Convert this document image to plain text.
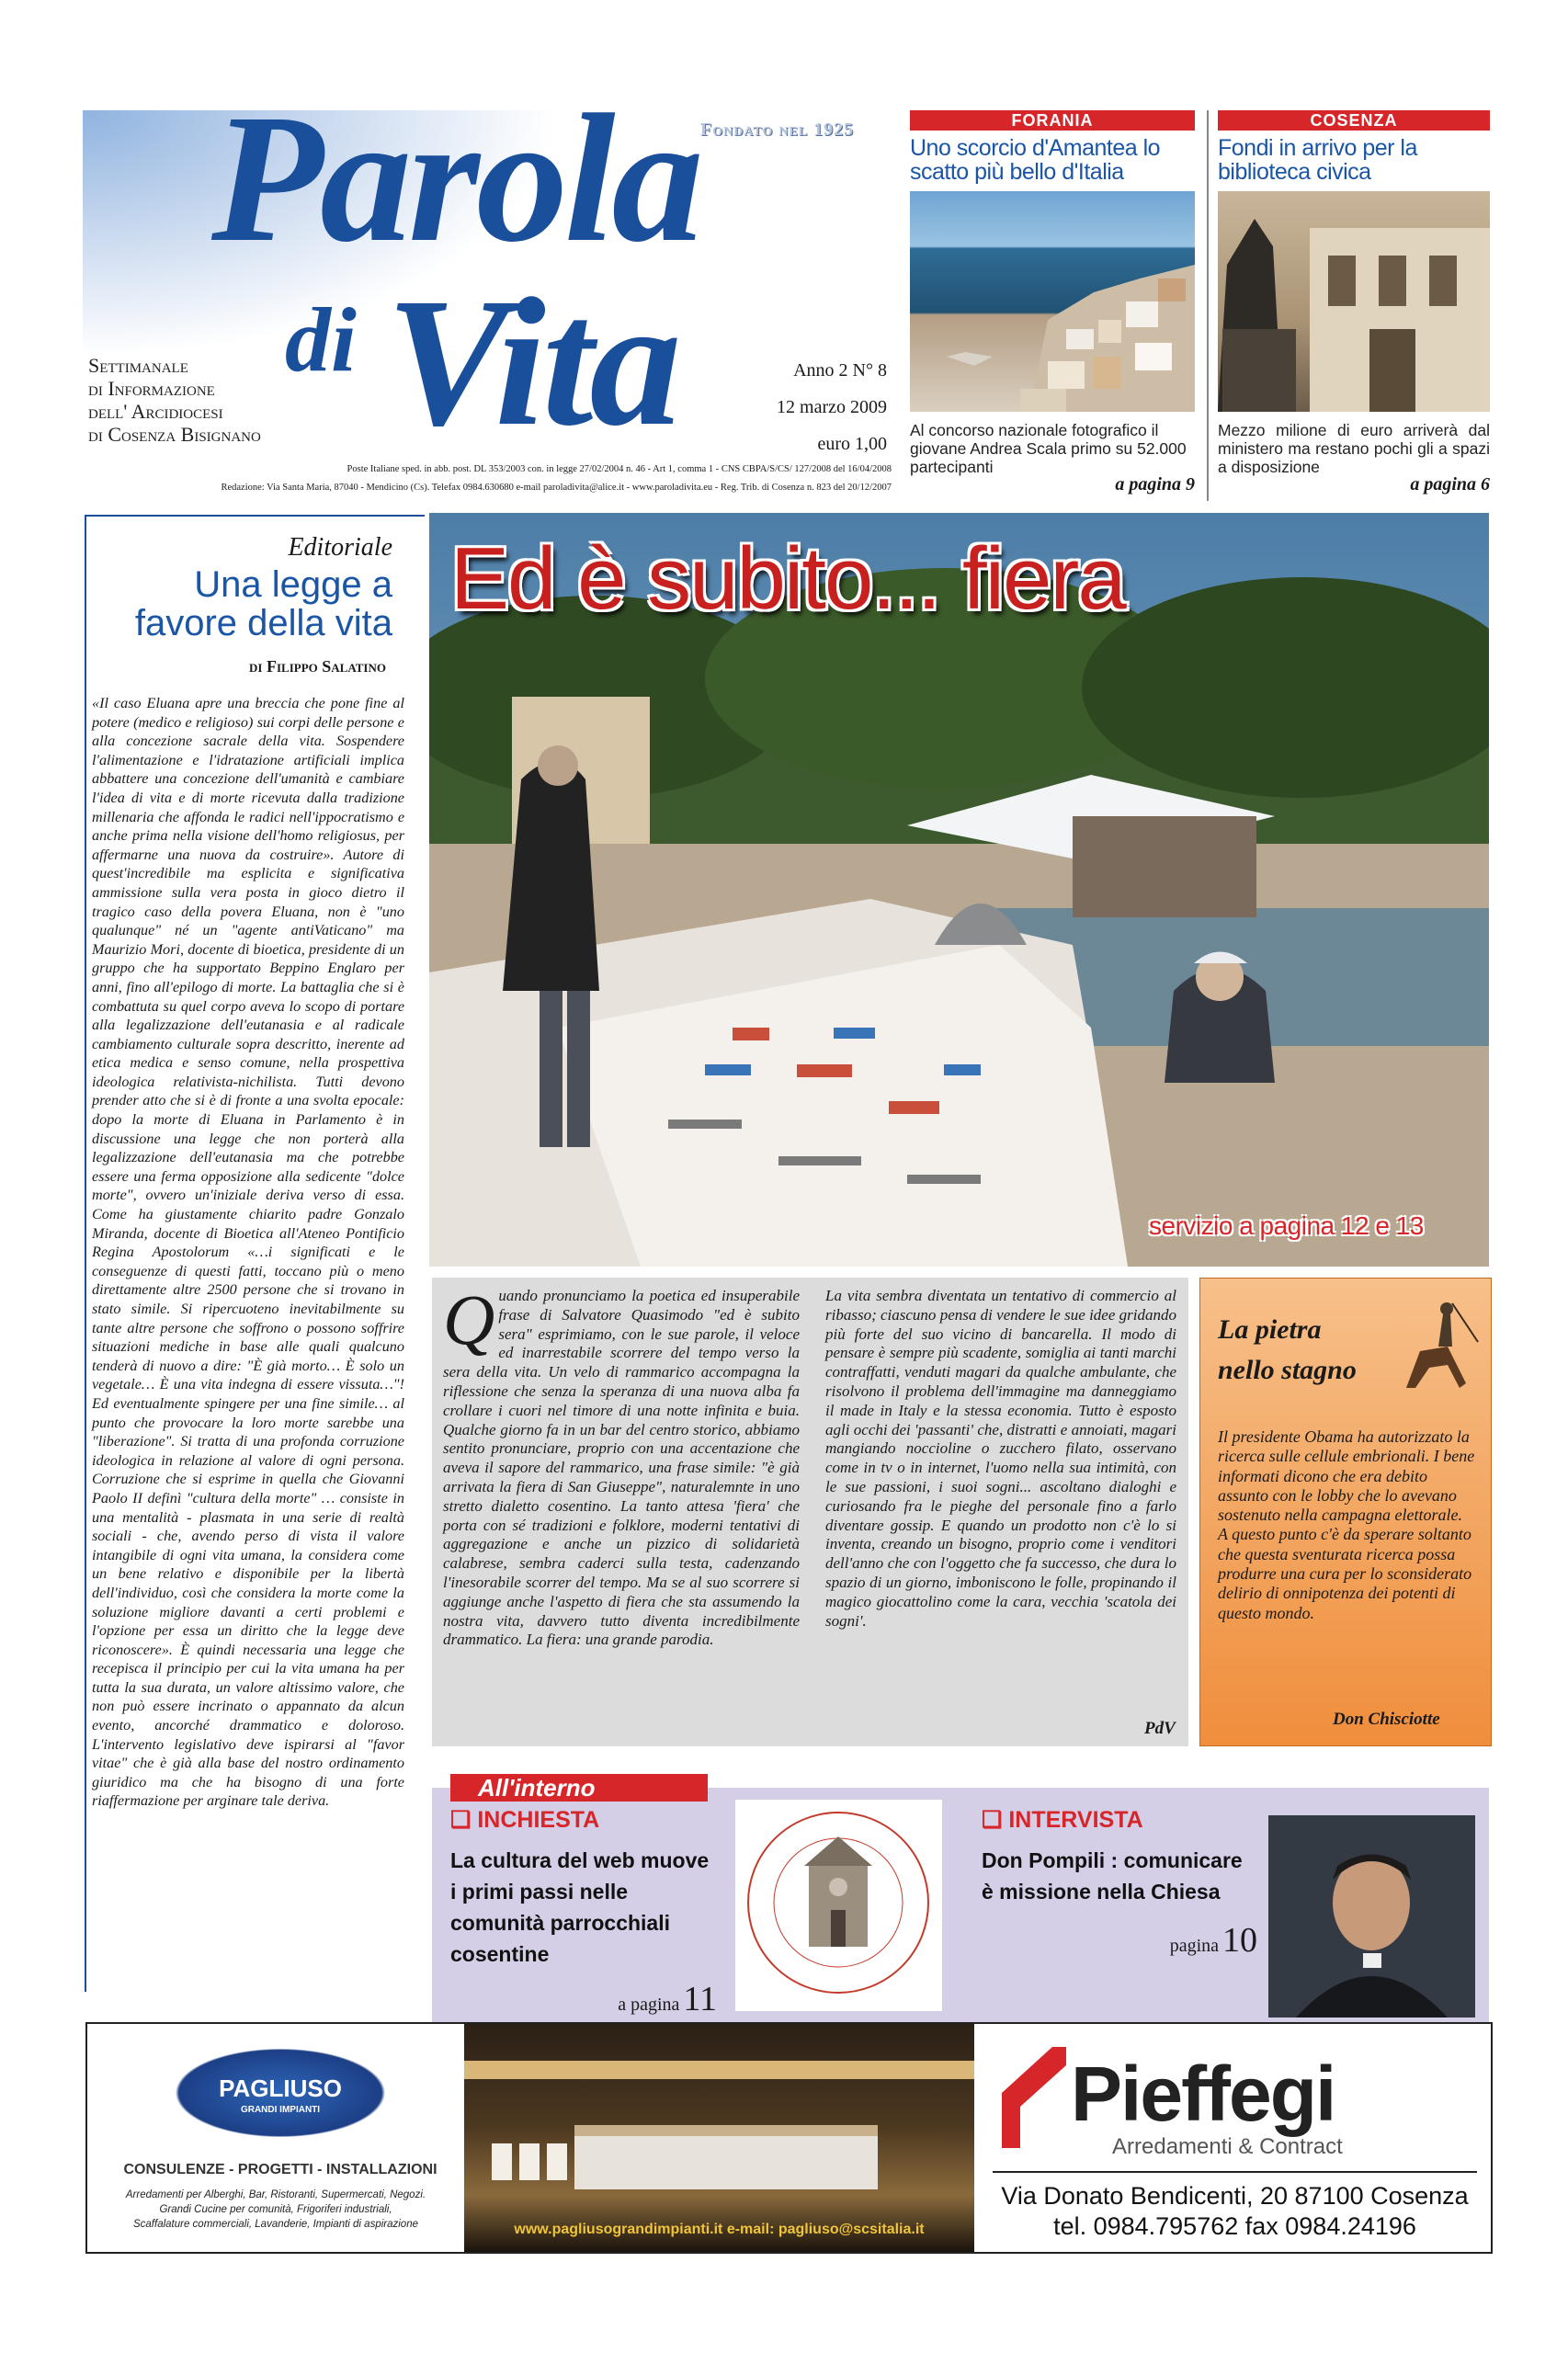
Parola
di Vita
Fondato nel 1925
Settimanale
di Informazione
dell' Arcidiocesi
di Cosenza Bisignano
Anno 2 N° 8
12 marzo 2009
euro 1,00
Poste Italiane sped. in abb. post. DL 353/2003 con. in legge 27/02/2004 n. 46 - Art 1, comma 1 - CNS CBPA/S/CS/ 127/2008 del 16/04/2008
Redazione: Via Santa Maria, 87040 - Mendicino (Cs). Telefax 0984.630680 e-mail paroladivita@alice.it - www.paroladivita.eu - Reg. Trib. di Cosenza n. 823 del 20/12/2007
FORANIA
Uno scorcio d'Amantea lo scatto più bello d'Italia
Al concorso nazionale fotografico il giovane Andrea Scala primo su 52.000 partecipanti
a pagina 9
COSENZA
Fondi in arrivo per la biblioteca civica
Mezzo milione di euro arriverà dal ministero ma restano pochi gli a spazi a disposizione
a pagina 6
Editoriale
Una legge a favore della vita
di Filippo Salatino
«Il caso Eluana apre una breccia che pone fine al potere (medico e religioso) sui corpi delle persone e alla concezione sacrale della vita. Sospendere l'alimentazione e l'idratazione artificiali implica abbattere una concezione dell'umanità e cambiare l'idea di vita e di morte ricevuta dalla tradizione millenaria che affonda le radici nell'ippocratismo e anche prima nella visione dell'homo religiosus, per affermarne una nuova da costruire». Autore di quest'incredibile ma esplicita e significativa ammissione sulla vera posta in gioco dietro il tragico caso della povera Eluana, non è "uno qualunque" né un "agente antiVaticano" ma Maurizio Mori, docente di bioetica, presidente di un gruppo che ha supportato Beppino Englaro per anni, fino all'epilogo di morte. La battaglia che si è combattuta su quel corpo aveva lo scopo di portare alla legalizzazione dell'eutanasia e al radicale cambiamento culturale sopra descritto, inerente ad etica medica e senso comune, nella prospettiva ideologica relativista-nichilista. Tutti devono prender atto che si è di fronte a una svolta epocale: dopo la morte di Eluana in Parlamento è in discussione una legge che non porterà alla legalizzazione dell'eutanasia ma che potrebbe essere una ferma opposizione alla sedicente "dolce morte", ovvero un'iniziale deriva verso di essa. Come ha giustamente chiarito padre Gonzalo Miranda, docente di Bioetica all'Ateneo Pontificio Regina Apostolorum «…i significati e le conseguenze di questi fatti, toccano più o meno direttamente altre 2500 persone che si trovano in stato simile. Si ripercuoteno inevitabilmente su tante altre persone che soffrono o possono soffrire situazioni mediche in base alle quali qualcuno tenderà di nuovo a dire: "È già morto… È solo un vegetale… È una vita indegna di essere vissuta…"! Ed eventualmente spingere per una fine simile… al punto che provocare la loro morte sarebbe una "liberazione". Si tratta di una profonda corruzione ideologica in relazione al valore di ogni persona. Corruzione che si esprime in quella che Giovanni Paolo II definì "cultura della morte" … consiste in una mentalità - plasmata in una serie di realtà sociali - che, avendo perso di vista il valore intangibile di ogni vita umana, la considera come un bene relativo e disponibile per la libertà dell'individuo, così che considera la morte come la soluzione migliore davanti a certi problemi e l'opzione per essa un diritto che la legge deve riconoscere». È quindi necessaria una legge che recepisca il principio per cui la vita umana ha per tutta la sua durata, un valore altissimo valore, che non può essere incrinato o appannato da alcun evento, ancorché drammatico e doloroso. L'intervento legislativo deve ispirarsi al "favor vitae" che è già alla base del nostro ordinamento giuridico ma che ha bisogno di una forte riaffermazione per arginare tale deriva.
Ed è subito... fiera
servizio a pagina 12 e 13
Quando pronunciamo la poetica ed insuperabile frase di Salvatore Quasimodo "ed è subito sera" esprimiamo, con le sue parole, il veloce ed inarrestabile scorrere del tempo verso la sera della vita. Un velo di rammarico accompagna la riflessione che senza la speranza di una nuova alba fa crollare i cuori nel timore di una notte infinita e buia. Qualche giorno fa in un bar del centro storico, abbiamo sentito pronunciare, proprio con una accentazione che aveva il sapore del rammarico, una frase simile: "è già arrivata la fiera di San Giuseppe", naturalemnte in uno stretto dialetto cosentino. La tanto attesa 'fiera' che porta con sé tradizioni e folklore, moderni tentativi di aggregazione e anche un pizzico di solidarietà calabrese, sembra caderci sulla testa, cadenzando l'inesorabile scorrer del tempo. Ma se al suo scorrere si aggiunge anche l'aspetto di fiera che sta assumendo la nostra vita, davvero tutto diventa incredibilmente drammatico. La fiera: una grande parodia.
La vita sembra diventata un tentativo di commercio al ribasso; ciascuno pensa di vendere le sue idee gridando più forte del suo vicino di bancarella. Il modo di pensare è sempre più scadente, somiglia ai tanti marchi contraffatti, venduti magari da qualche ambulante, che risolvono il problema dell'immagine ma danneggiamo il made in Italy e la stessa economia. Tutto è esposto agli occhi dei 'passanti' che, distratti e annoiati, magari mangiando noccioline o zucchero filato, osservano come in tv o in internet, l'uomo nella sua intimità, con le sue passioni, i suoi sogni... ascoltano dialoghi e curiosando fra le pieghe del personale fino a farlo diventare gossip. E quando un prodotto non c'è lo si inventa, creando un bisogno, proprio come i venditori dell'anno che con l'oggetto che fa successo, che dura lo spazio di un giorno, imboniscono le folle, propinando il magico giocattolino come la cara, vecchia 'scatola dei sogni'.
PdV
La pietra
nello stagno
Il presidente Obama ha autorizzato la ricerca sulle cellule embrionali. I bene informati dicono che era debito assunto con le lobby che lo avevano sostenuto nella campagna elettorale. A questo punto c'è da sperare soltanto che questa sventurata ricerca possa produrre una cura per lo sconsiderato delirio di onnipotenza dei potenti di questo mondo.
Don Chisciotte
All'interno
❑ INCHIESTA
La cultura del web muove i primi passi nelle comunità parrocchiali cosentine
a pagina 11
❑ INTERVISTA
Don Pompili : comunicare è missione nella Chiesa
pagina 10
PAGLIUSO
GRANDI IMPIANTI
CONSULENZE - PROGETTI - INSTALLAZIONI
Arredamenti per Alberghi, Bar, Ristoranti, Supermercati, Negozi.
Grandi Cucine per comunità, Frigoriferi industriali,
Scaffalature commerciali, Lavanderie, Impianti di aspirazione	www.pagliusograndimpianti.it e-mail: pagliuso@scsitalia.it
Pieffegi
Arredamenti & Contract
Via Donato Bendicenti, 20 87100 Cosenza
tel. 0984.795762 fax 0984.24196
